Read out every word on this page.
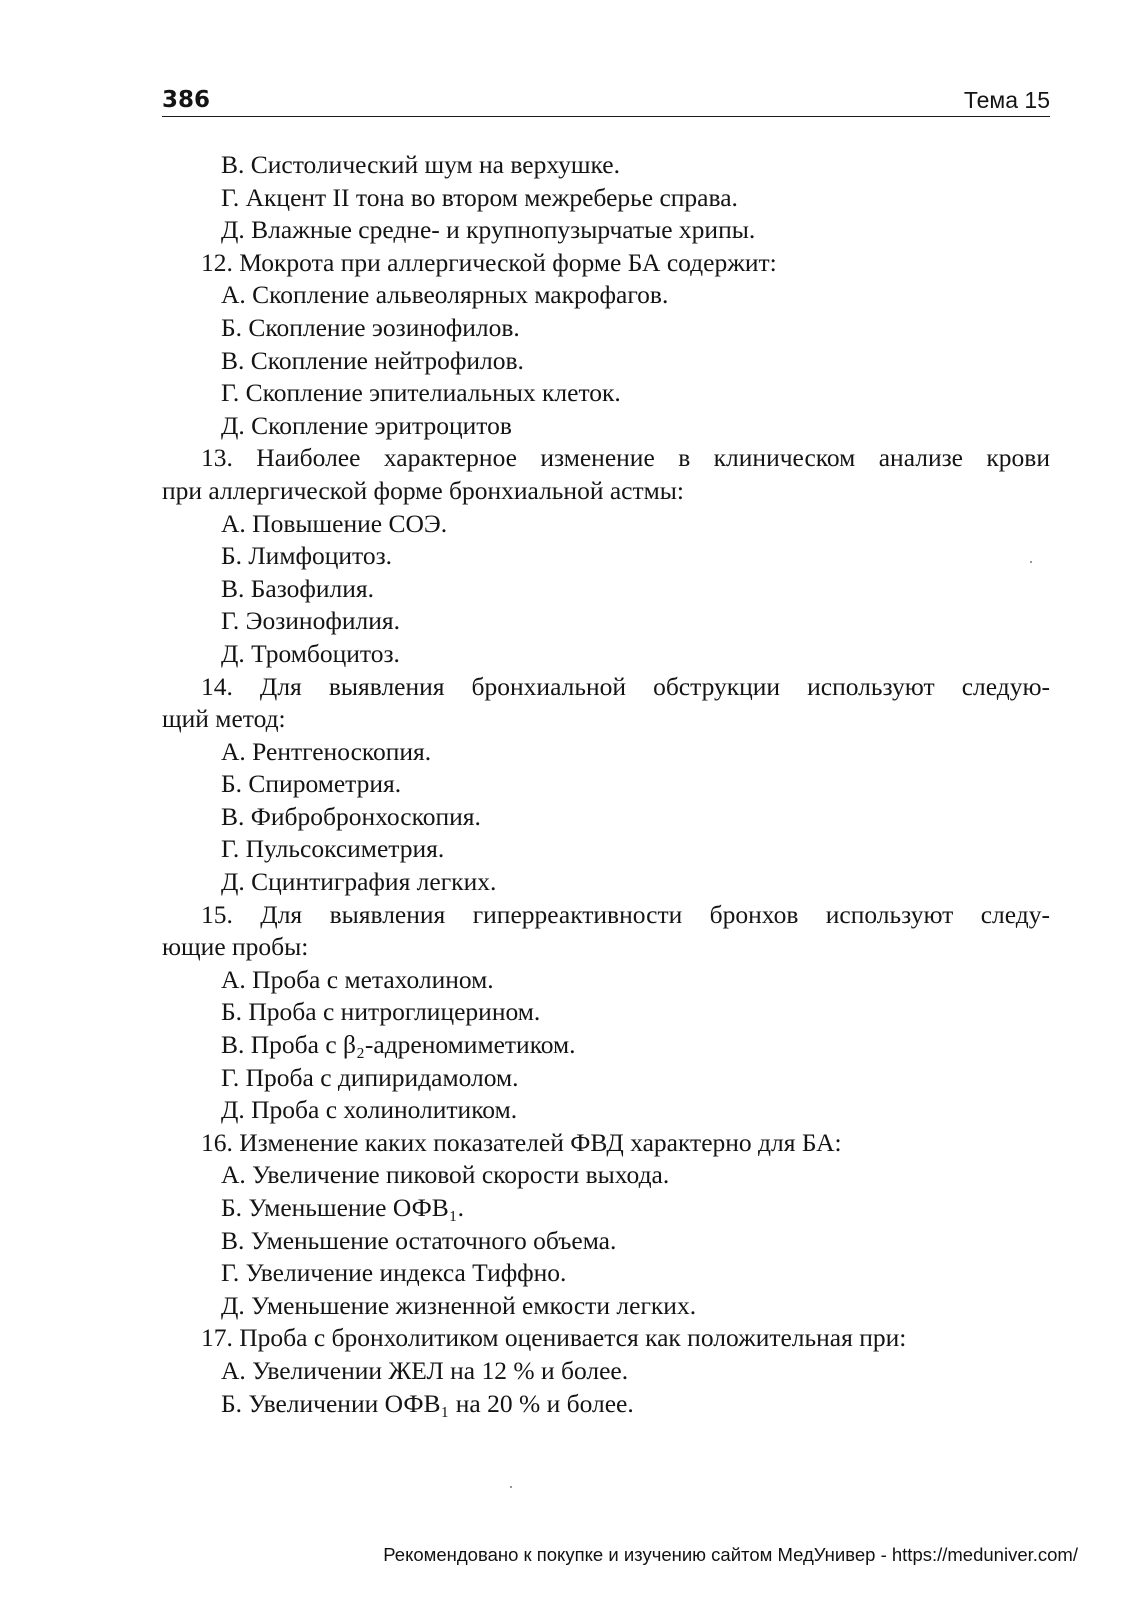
386	Тема 15
В. Систолический шум на верхушке.
Г. Акцент II тона во втором межреберье справа.
Д. Влажные средне- и крупнопузырчатые хрипы.
12. Мокрота при аллергической форме БА содержит:
А. Скопление альвеолярных макрофагов.
Б. Скопление эозинофилов.
В. Скопление нейтрофилов.
Г. Скопление эпителиальных клеток.
Д. Скопление эритроцитов
13. Наиболее характерное изменение в клиническом анализе крови
при аллергической форме бронхиальной астмы:
А. Повышение СОЭ.
Б. Лимфоцитоз.
В. Базофилия.
Г. Эозинофилия.
Д. Тромбоцитоз.
14. Для выявления бронхиальной обструкции используют следую-
щий метод:
А. Рентгеноскопия.
Б. Спирометрия.
В. Фибробронхоскопия.
Г. Пульсоксиметрия.
Д. Сцинтиграфия легких.
15. Для выявления гиперреактивности бронхов используют следу-
ющие пробы:
А. Проба с метахолином.
Б. Проба с нитроглицерином.
В. Проба с β₂-адреномиметиком.
Г. Проба с дипиридамолом.
Д. Проба с холинолитиком.
16. Изменение каких показателей ФВД характерно для БА:
А. Увеличение пиковой скорости выхода.
Б. Уменьшение ОФВ₁.
В. Уменьшение остаточного объема.
Г. Увеличение индекса Тиффно.
Д. Уменьшение жизненной емкости легких.
17. Проба с бронхолитиком оценивается как положительная при:
А. Увеличении ЖЕЛ на 12 % и более.
Б. Увеличении ОФВ₁ на 20 % и более.
Рекомендовано к покупке и изучению сайтом МедУнивер - https://meduniver.com/
